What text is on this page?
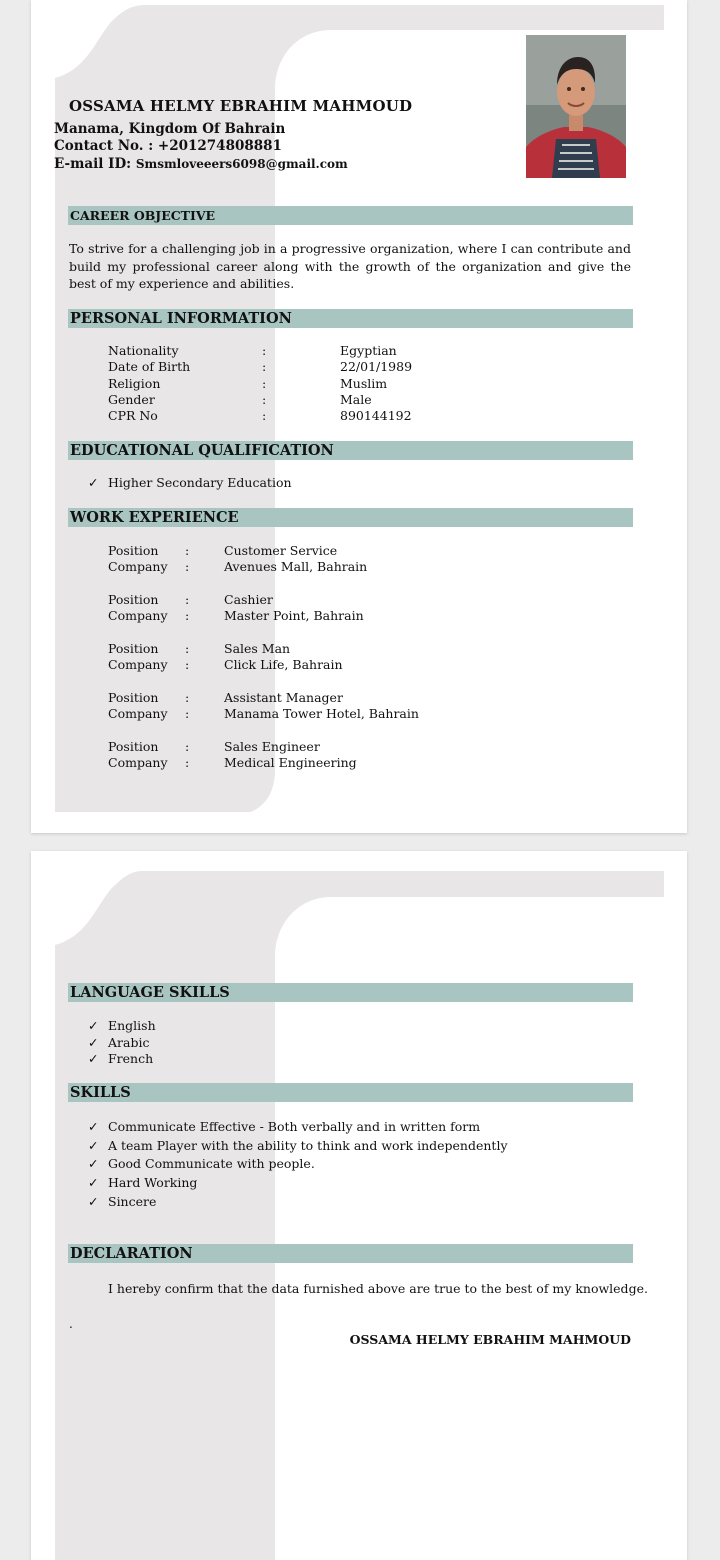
OSSAMA HELMY EBRAHIM MAHMOUD
Manama, Kingdom Of Bahrain
Contact No. : +201274808881
E-mail ID: Smsmloveeers6098@gmail.com
CAREER OBJECTIVE
To strive for a challenging job in a progressive organization, where I can contribute and build my professional career along with the growth of the organization and give the best of my experience and abilities.
PERSONAL INFORMATION
Nationality	:	Egyptian
Date of Birth	:	22/01/1989
Religion	:	Muslim
Gender	:	Male
CPR No	:	890144192
EDUCATIONAL QUALIFICATION
✓ Higher Secondary Education
WORK EXPERIENCE
Position :	Customer Service
Company :	Avenues Mall, Bahrain
Position :	Cashier
Company :	Master Point, Bahrain
Position :	Sales Man
Company :	Click Life, Bahrain
Position :	Assistant Manager
Company :	Manama Tower Hotel, Bahrain
Position :	Sales Engineer
Company :	Medical Engineering
LANGUAGE SKILLS
✓ English
✓ Arabic
✓ French
SKILLS
✓ Communicate Effective - Both verbally and in written form
✓ A team Player with the ability to think and work independently
✓ Good Communicate with people.
✓ Hard Working
✓ Sincere
DECLARATION
I hereby confirm that the data furnished above are true to the best of my knowledge.
.
OSSAMA HELMY EBRAHIM MAHMOUD
